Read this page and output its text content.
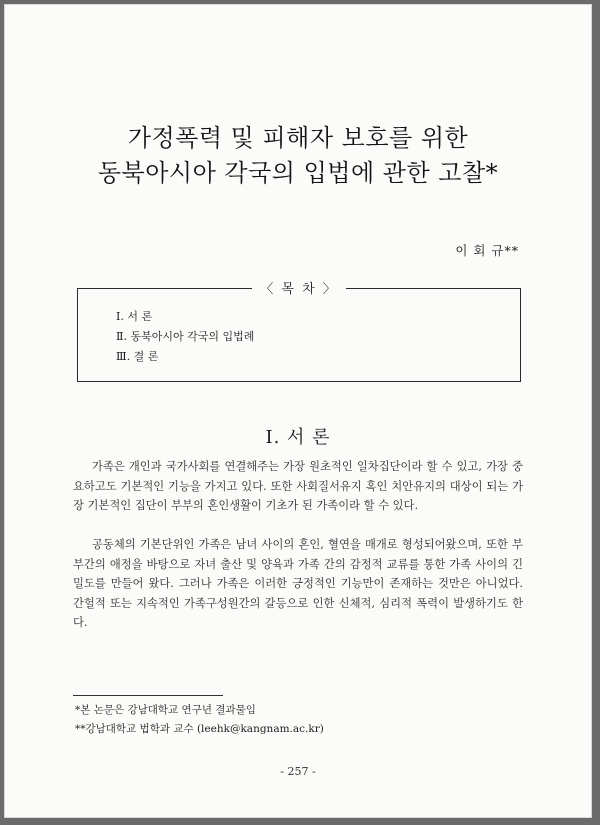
가정폭력 및 피해자 보호를 위한
동북아시아 각국의 입법에 관한 고찰*
이 회 규**
〈 목 차 〉
Ⅰ. 서 론
Ⅱ. 동북아시아 각국의 입법례
Ⅲ. 결 론
Ⅰ. 서 론

가족은 개인과 국가사회를 연결해주는 가장 원초적인 일차집단이라 할 수 있고, 가장 중요하고도 기본적인 기능을 가지고 있다. 또한 사회질서유지 혹인 치안유지의 대상이 되는 가장 기본적인 집단이 부부의 혼인생활이 기초가 된 가족이라 할 수 있다.

공동체의 기본단위인 가족은 남녀 사이의 혼인, 혈연을 매개로 형성되어왔으며, 또한 부부간의 애정을 바탕으로 자녀 출산 및 양육과 가족 간의 감정적 교류를 통한 가족 사이의 긴밀도를 만들어 왔다. 그러나 가족은 이러한 긍정적인 기능만이 존재하는 것만은 아니었다. 간헐적 또는 지속적인 가족구성원간의 갈등으로 인한 신체적, 심리적 폭력이 발생하기도 한다.

*본 논문은 강남대학교 연구년 결과물임
**강남대학교 법학과 교수 (leehk@kangnam.ac.kr)
- 257 -
